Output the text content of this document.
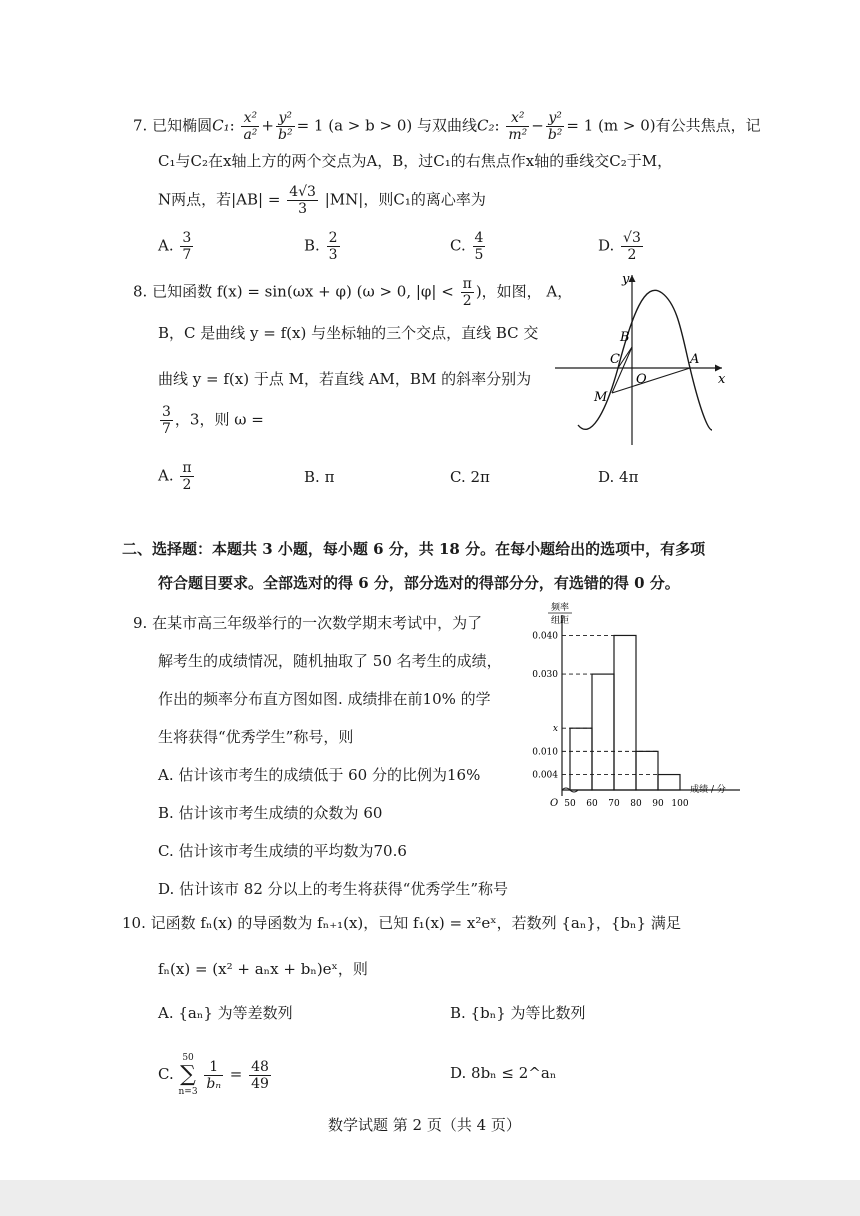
7. 已知椭圆C₁: $\frac{\text{x²}}{\text{a²}} + \frac{\text{y²}}{\text{b²}} = 1$ (a > b > 0) 与双曲线C₂: $\frac{\text{x²}}{\text{m²}} - \frac{\text{y²}}{\text{b²}} = 1$ (m > 0)有公共焦点，记
C₁与C₂在x轴上方的两个交点为A，B，过C₁的右焦点作x轴的垂线交C₂于M，
N两点，若$|AB| = \frac{4√3}{3} |MN|$，则C₁的离心率为
A. $\frac{3}{7}$	B. $\frac{2}{3}$	C. $\frac{4}{5}$	D. $\frac{√3}{2}$
8. 已知函数 f(x) = sin(ωx + φ) (ω > 0, $|\varphi| < \frac{\pi}{2}$ )，如图， A，
B，C 是曲线 y = f(x) 与坐标轴的三个交点，直线 BC 交
曲线 y = f(x) 于点 M，若直线 AM，BM 的斜率分别为
$\frac{3}{7}$ ，3，则 ω =
A. $\frac{\pi}{2}$	B. π	C. 2π	D. 4π
y
x
B
C
O
A
M
二、选择题：本题共 3 小题，每小题 6 分，共 18 分。在每小题给出的选项中，有多项
符合题目要求。全部选对的得 6 分，部分选对的得部分分，有选错的得 0 分。
9. 在某市高三年级举行的一次数学期末考试中，为了
解考生的成绩情况，随机抽取了 50 名考生的成绩，
作出的频率分布直方图如图. 成绩排在前10% 的学
生将获得“优秀学生”称号，则
A. 估计该市考生的成绩低于 60 分的比例为16%
B. 估计该市考生成绩的众数为 60
C. 估计该市考生成绩的平均数为70.6
D. 估计该市 82 分以上的考生将获得“优秀学生”称号
频率
组距
0.040
0.030
x
0.010
0.004
50 60 70 80 90 100
O
成绩 / 分
10. 记函数 fₙ(x) 的导函数为 fₙ₊₁(x)，已知 f₁(x) = x²eˣ，若数列 {aₙ}，{bₙ} 满足
fₙ(x) = (x² + aₙx + bₙ)eˣ，则
A. {aₙ} 为等差数列	B. {bₙ} 为等比数列
C.
50
∑
n=3

$\frac{1}{\text{bₙ}} = \frac{48}{49}$	D. 8bₙ ≤ 2^aₙ
数学试题 第 2 页（共 4 页）
